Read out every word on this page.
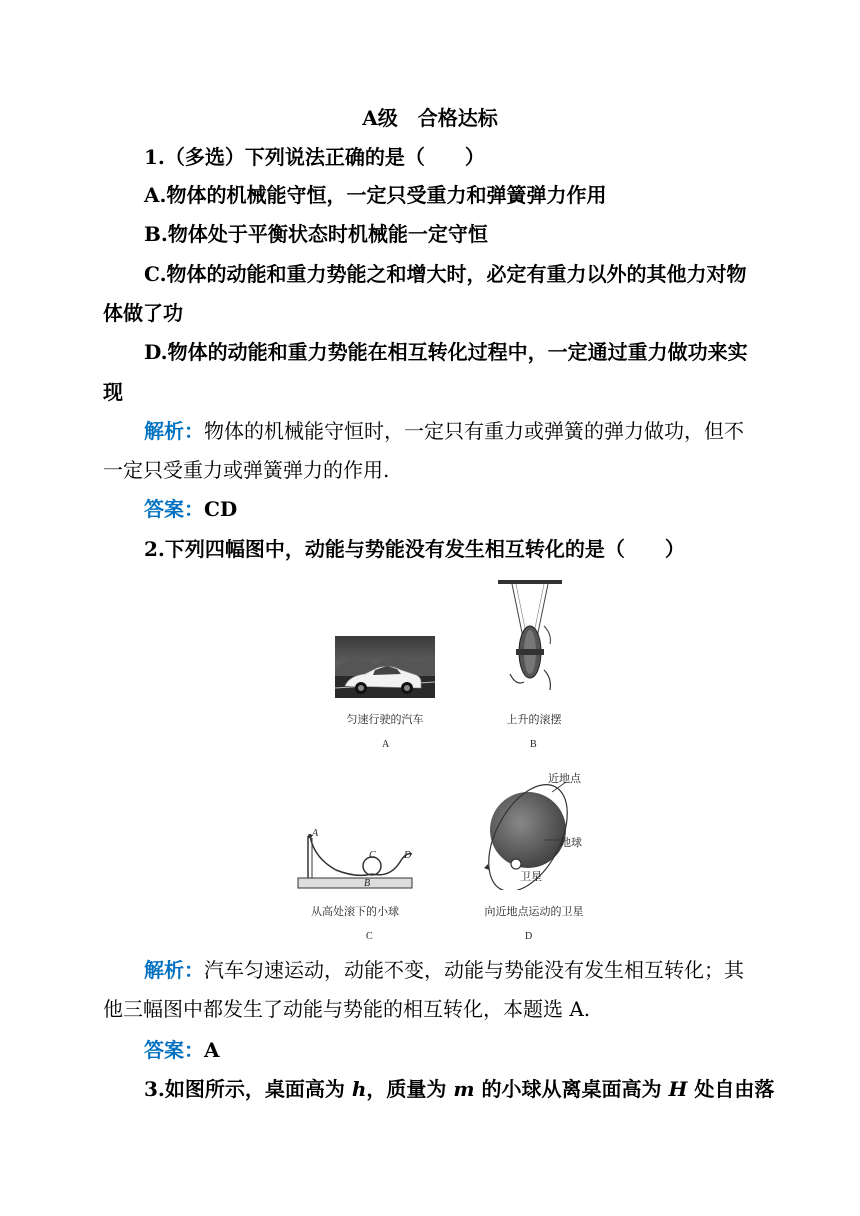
A级　合格达标
1.（多选）下列说法正确的是（　　）
A.物体的机械能守恒，一定只受重力和弹簧弹力作用
B.物体处于平衡状态时机械能一定守恒
C.物体的动能和重力势能之和增大时，必定有重力以外的其他力对物
体做了功
D.物体的动能和重力势能在相互转化过程中，一定通过重力做功来实
现
解析：物体的机械能守恒时，一定只有重力或弹簧的弹力做功，但不
一定只受重力或弹簧弹力的作用.
答案：CD
2.下列四幅图中，动能与势能没有发生相互转化的是（　　）
匀速行驶的汽车
A
上升的滚摆
B
A
B
C	D
从高处滚下的小球
C
近地点
地球
卫星
向近地点运动的卫星
D
解析：汽车匀速运动，动能不变，动能与势能没有发生相互转化；其
他三幅图中都发生了动能与势能的相互转化，本题选 A.
答案：A
3.如图所示，桌面高为 h，质量为 m 的小球从离桌面高为 H 处自由落
